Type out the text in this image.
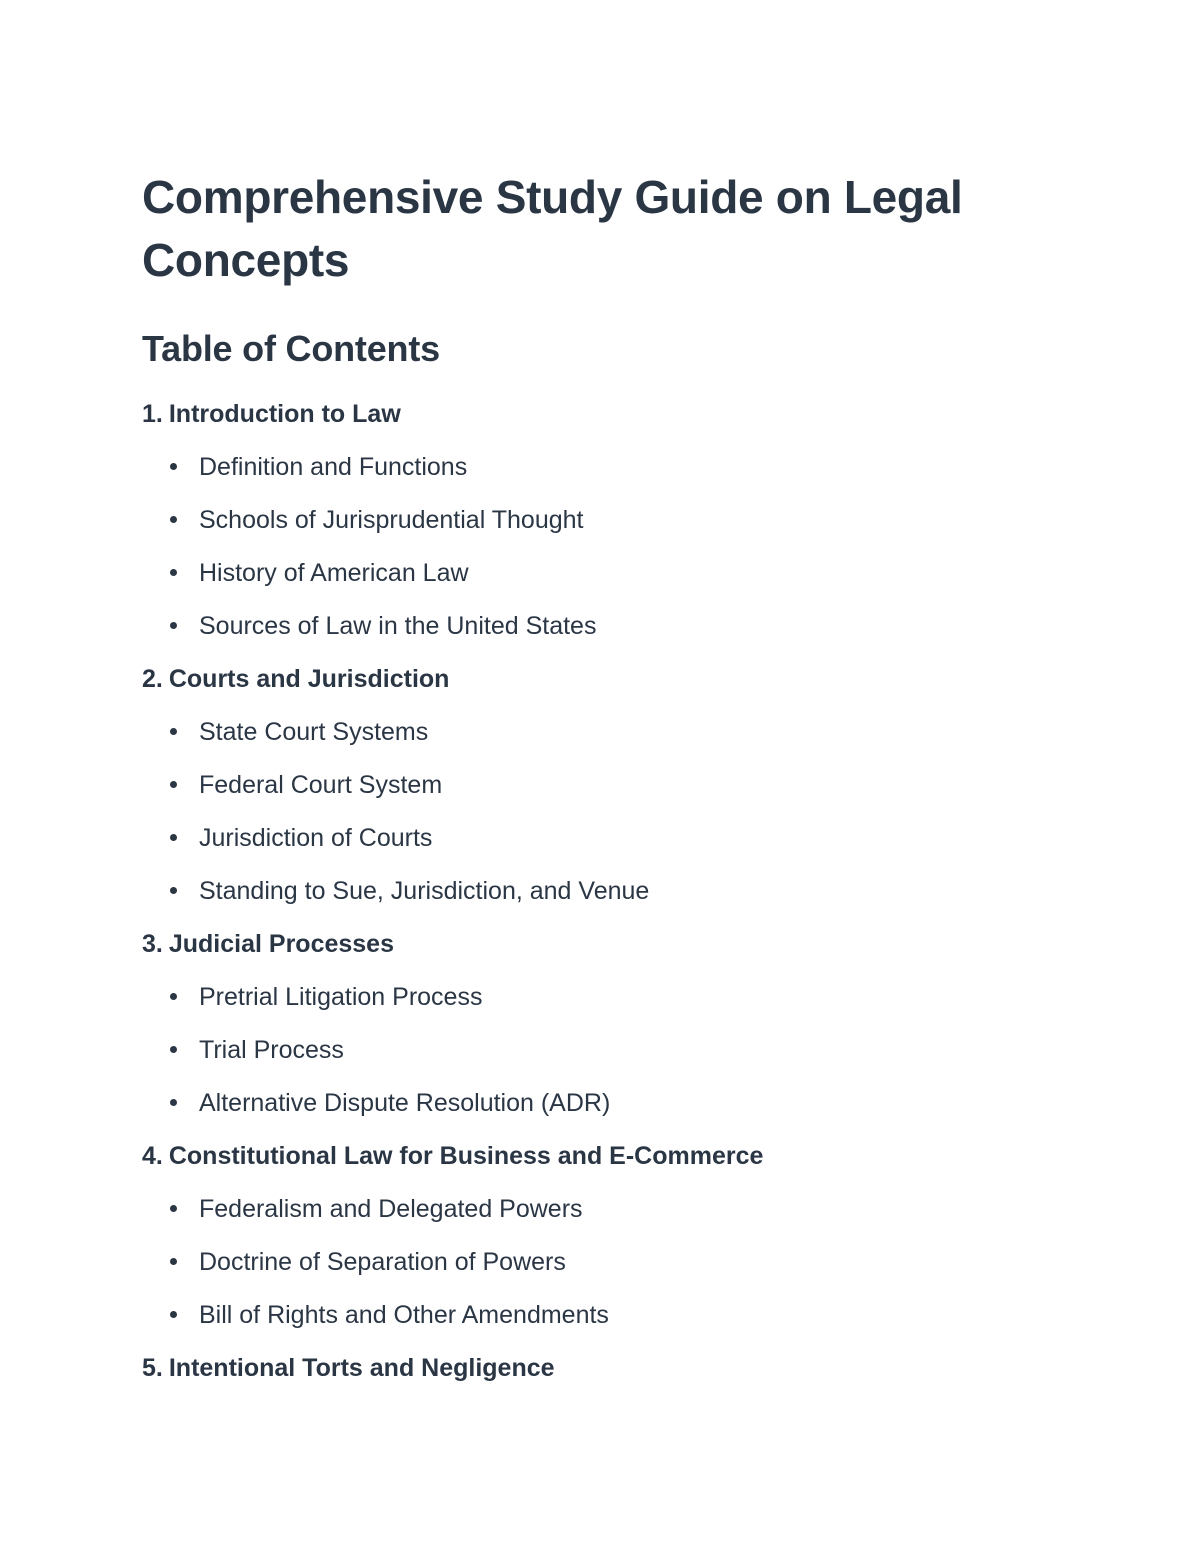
Comprehensive Study Guide on Legal Concepts
Table of Contents
1. Introduction to Law
Definition and Functions
Schools of Jurisprudential Thought
History of American Law
Sources of Law in the United States
2. Courts and Jurisdiction
State Court Systems
Federal Court System
Jurisdiction of Courts
Standing to Sue, Jurisdiction, and Venue
3. Judicial Processes
Pretrial Litigation Process
Trial Process
Alternative Dispute Resolution (ADR)
4. Constitutional Law for Business and E-Commerce
Federalism and Delegated Powers
Doctrine of Separation of Powers
Bill of Rights and Other Amendments
5. Intentional Torts and Negligence
